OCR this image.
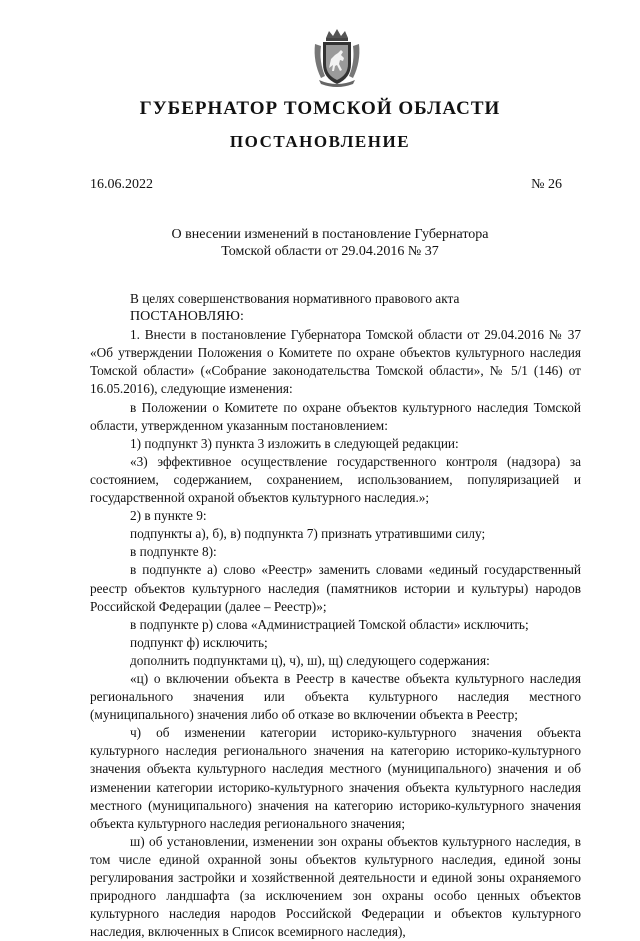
ГУБЕРНАТОР ТОМСКОЙ ОБЛАСТИ
ПОСТАНОВЛЕНИЕ
16.06.2022	№ 26
О внесении изменений в постановление Губернатора
Томской области от 29.04.2016 № 37

В целях совершенствования нормативного правового акта

ПОСТАНОВЛЯЮ:

1. Внести в постановление Губернатора Томской области от 29.04.2016 № 37 «Об утверждении Положения о Комитете по охране объектов культурного наследия Томской области» («Собрание законодательства Томской области», № 5/1 (146) от 16.05.2016), следующие изменения:

в Положении о Комитете по охране объектов культурного наследия Томской области, утвержденном указанным постановлением:

1) подпункт 3) пункта 3 изложить в следующей редакции:

«3) эффективное осуществление государственного контроля (надзора) за состоянием, содержанием, сохранением, использованием, популяризацией и государственной охраной объектов культурного наследия.»;

2) в пункте 9:

подпункты а), б), в) подпункта 7) признать утратившими силу;

в подпункте 8):

в подпункте а) слово «Реестр» заменить словами «единый государственный реестр объектов культурного наследия (памятников истории и культуры) народов Российской Федерации (далее – Реестр)»;

в подпункте р) слова «Администрацией Томской области» исключить;

подпункт ф) исключить;

дополнить подпунктами ц), ч), ш), щ) следующего содержания:

«ц) о включении объекта в Реестр в качестве объекта культурного наследия регионального значения или объекта культурного наследия местного (муниципального) значения либо об отказе во включении объекта в Реестр;

ч) об изменении категории историко-культурного значения объекта культурного наследия регионального значения на категорию историко-культурного значения объекта культурного наследия местного (муниципального) значения и об изменении категории историко-культурного значения объекта культурного наследия местного (муниципального) значения на категорию историко-культурного значения объекта культурного наследия регионального значения;

ш) об установлении, изменении зон охраны объектов культурного наследия, в том числе единой охранной зоны объектов культурного наследия, единой зоны регулирования застройки и хозяйственной деятельности и единой зоны охраняемого природного ландшафта (за исключением зон охраны особо ценных объектов культурного наследия народов Российской Федерации и объектов культурного наследия, включенных в Список всемирного наследия),
